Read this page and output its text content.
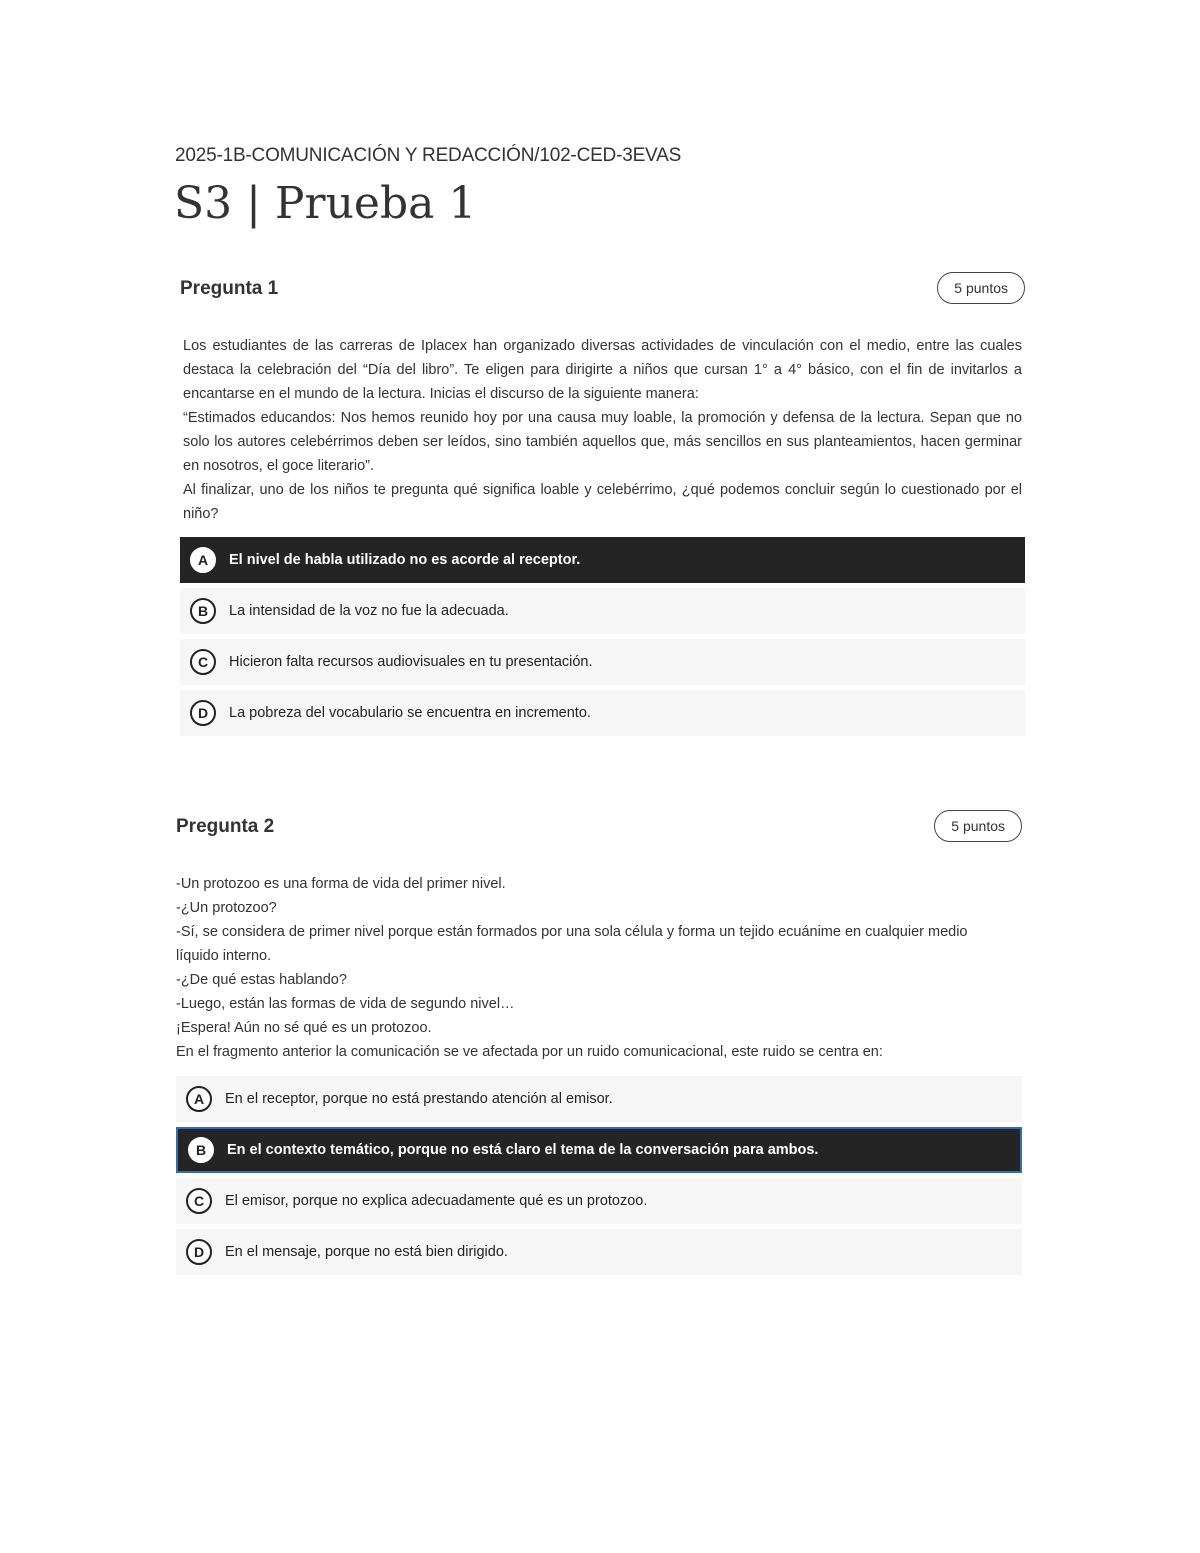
2025-1B-COMUNICACIÓN Y REDACCIÓN/102-CED-3EVAS
S3 | Prueba 1
Pregunta 1	5 puntos

Los estudiantes de las carreras de Iplacex han organizado diversas actividades de vinculación con el medio, entre las cuales destaca la celebración del “Día del libro”. Te eligen para dirigirte a niños que cursan 1° a 4° básico, con el fin de invitarlos a encantarse en el mundo de la lectura. Inicias el discurso de la siguiente manera:

“Estimados educandos: Nos hemos reunido hoy por una causa muy loable, la promoción y defensa de la lectura. Sepan que no solo los autores celebérrimos deben ser leídos, sino también aquellos que, más sencillos en sus planteamientos, hacen germinar en nosotros, el goce literario”.

Al finalizar, uno de los niños te pregunta qué significa loable y celebérrimo, ¿qué podemos concluir según lo cuestionado por el niño?

A	El nivel de habla utilizado no es acorde al receptor.
B	La intensidad de la voz no fue la adecuada.
C	Hicieron falta recursos audiovisuales en tu presentación.
D	La pobreza del vocabulario se encuentra en incremento.
Pregunta 2	5 puntos

-Un protozoo es una forma de vida del primer nivel.

-¿Un protozoo?

-Sí, se considera de primer nivel porque están formados por una sola célula y forma un tejido ecuánime en cualquier medio líquido interno.

-¿De qué estas hablando?

-Luego, están las formas de vida de segundo nivel…

¡Espera! Aún no sé qué es un protozoo.

En el fragmento anterior la comunicación se ve afectada por un ruido comunicacional, este ruido se centra en:

A	En el receptor, porque no está prestando atención al emisor.
B	En el contexto temático, porque no está claro el tema de la conversación para ambos.
C	El emisor, porque no explica adecuadamente qué es un protozoo.
D	En el mensaje, porque no está bien dirigido.
